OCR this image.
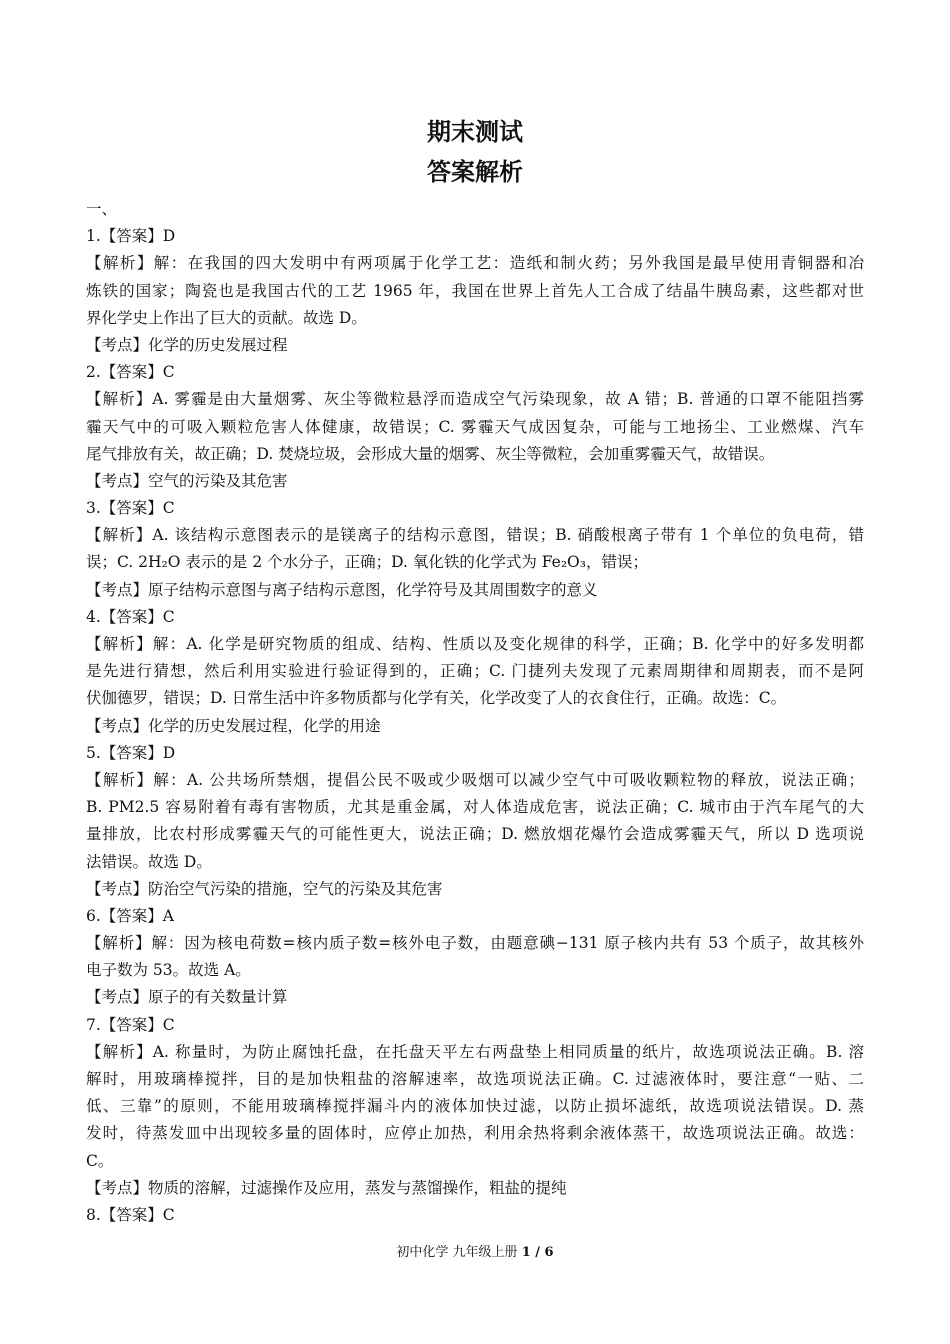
期末测试
答案解析
一、
1.【答案】D
【解析】解：在我国的四大发明中有两项属于化学工艺：造纸和制火药；另外我国是最早使用青铜器和冶
炼铁的国家；陶瓷也是我国古代的工艺 1965 年，我国在世界上首先人工合成了结晶牛胰岛素，这些都对世
界化学史上作出了巨大的贡献。故选 D。
【考点】化学的历史发展过程
2.【答案】C
【解析】A. 雾霾是由大量烟雾、灰尘等微粒悬浮而造成空气污染现象，故 A 错；B. 普通的口罩不能阻挡雾
霾天气中的可吸入颗粒危害人体健康，故错误；C. 雾霾天气成因复杂，可能与工地扬尘、工业燃煤、汽车
尾气排放有关，故正确；D. 焚烧垃圾，会形成大量的烟雾、灰尘等微粒，会加重雾霾天气，故错误。
【考点】空气的污染及其危害
3.【答案】C
【解析】A. 该结构示意图表示的是镁离子的结构示意图，错误；B. 硝酸根离子带有 1 个单位的负电荷，错
误；C. 2H₂O 表示的是 2 个水分子，正确；D. 氧化铁的化学式为 Fe₂O₃，错误；
【考点】原子结构示意图与离子结构示意图，化学符号及其周围数字的意义
4.【答案】C
【解析】解：A. 化学是研究物质的组成、结构、性质以及变化规律的科学，正确；B. 化学中的好多发明都
是先进行猜想，然后利用实验进行验证得到的，正确；C. 门捷列夫发现了元素周期律和周期表，而不是阿
伏伽德罗，错误；D. 日常生活中许多物质都与化学有关，化学改变了人的衣食住行，正确。故选：C。
【考点】化学的历史发展过程，化学的用途
5.【答案】D
【解析】解：A. 公共场所禁烟，提倡公民不吸或少吸烟可以减少空气中可吸收颗粒物的释放，说法正确；
B. PM2.5 容易附着有毒有害物质，尤其是重金属，对人体造成危害，说法正确；C. 城市由于汽车尾气的大
量排放，比农村形成雾霾天气的可能性更大，说法正确；D. 燃放烟花爆竹会造成雾霾天气，所以 D 选项说
法错误。故选 D。
【考点】防治空气污染的措施，空气的污染及其危害
6.【答案】A
【解析】解：因为核电荷数=核内质子数=核外电子数，由题意碘−131 原子核内共有 53 个质子，故其核外
电子数为 53。故选 A。
【考点】原子的有关数量计算
7.【答案】C
【解析】A. 称量时，为防止腐蚀托盘，在托盘天平左右两盘垫上相同质量的纸片，故选项说法正确。B. 溶
解时，用玻璃棒搅拌，目的是加快粗盐的溶解速率，故选项说法正确。C. 过滤液体时，要注意“一贴、二
低、三靠”的原则，不能用玻璃棒搅拌漏斗内的液体加快过滤，以防止损坏滤纸，故选项说法错误。D. 蒸
发时，待蒸发皿中出现较多量的固体时，应停止加热，利用余热将剩余液体蒸干，故选项说法正确。故选：
C。
【考点】物质的溶解，过滤操作及应用，蒸发与蒸馏操作，粗盐的提纯
8.【答案】C
初中化学 九年级上册 1 / 6
